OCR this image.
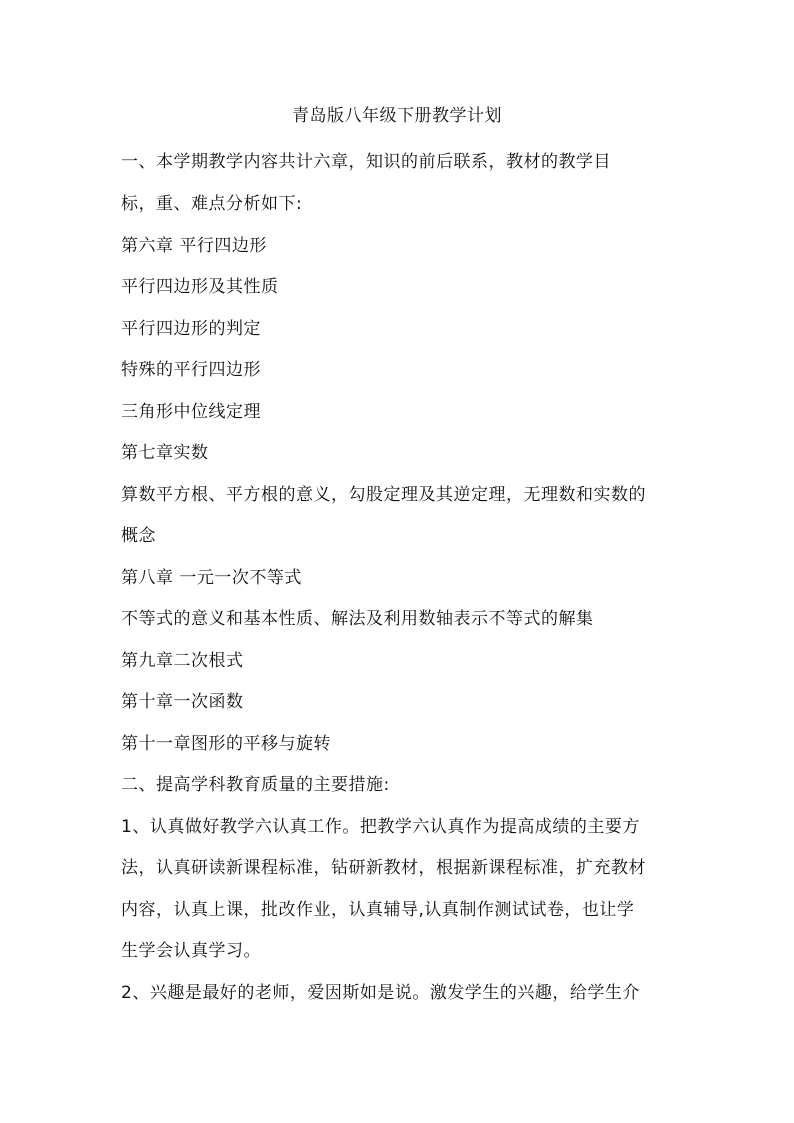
青岛版八年级下册教学计划

一、本学期教学内容共计六章，知识的前后联系，教材的教学目

标，重、难点分析如下:

第六章 平行四边形

平行四边形及其性质

平行四边形的判定

特殊的平行四边形

三角形中位线定理

第七章实数

算数平方根、平方根的意义，勾股定理及其逆定理，无理数和实数的

概念

第八章 一元一次不等式

不等式的意义和基本性质、解法及利用数轴表示不等式的解集

第九章二次根式

第十章一次函数

第十一章图形的平移与旋转

二、提高学科教育质量的主要措施:

1、认真做好教学六认真工作。把教学六认真作为提高成绩的主要方

法，认真研读新课程标准，钻研新教材，根据新课程标准，扩充教材

内容，认真上课，批改作业，认真辅导,认真制作测试试卷，也让学

生学会认真学习。

2、兴趣是最好的老师，爱因斯如是说。激发学生的兴趣，给学生介
